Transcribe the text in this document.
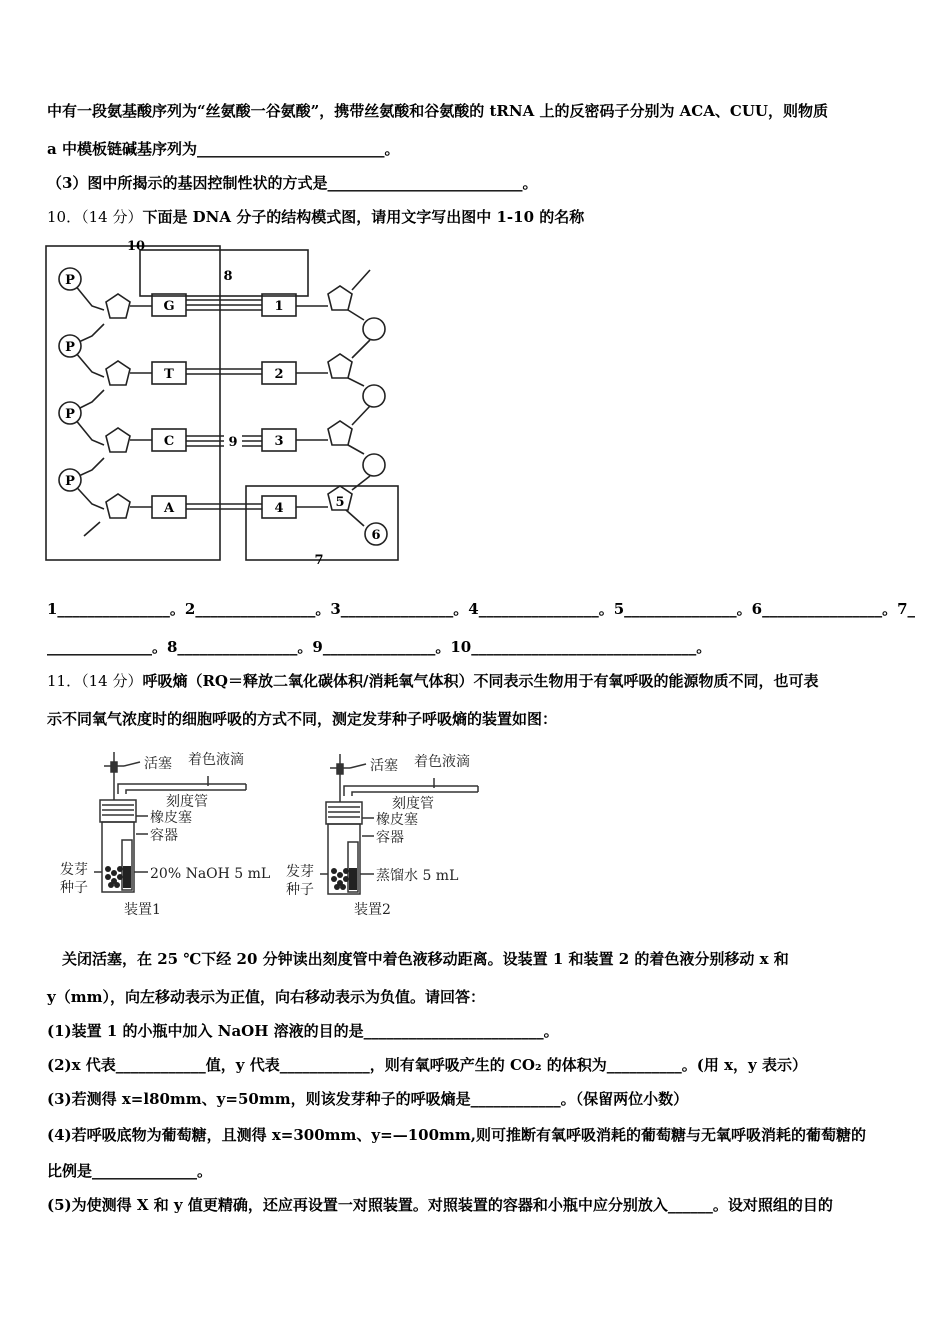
中有一段氨基酸序列为“丝氨酸一谷氨酸”，携带丝氨酸和谷氨酸的 tRNA 上的反密码子分别为 ACA、CUU，则物质
a 中模板链碱基序列为_________________________。
（3）图中所揭示的基因控制性状的方式是__________________________。
10．（14 分）下面是 DNA 分子的结构模式图，请用文字写出图中 1-10 的名称
P
P
P
P
G
T
C
A
1
2
3
4	5
6
7
8
9
10
1_______________。2________________。3_______________。4________________。5_______________。6________________。7_
______________。8________________。9_______________。10______________________________。
11．（14 分）呼吸熵（RQ＝释放二氧化碳体积/消耗氧气体积）不同表示生物用于有氧呼吸的能源物质不同，也可表
示不同氧气浓度时的细胞呼吸的方式不同，测定发芽种子呼吸熵的装置如图：
活塞 着色液滴
刻度管
橡皮塞
容器
20% NaOH 5 mL
发芽
种子
装置1
活塞 着色液滴
刻度管
橡皮塞
容器
蒸馏水 5 mL
发芽
种子
装置2
关闭活塞，在 25 ℃下经 20 分钟读出刻度管中着色液移动距离。设装置 1 和装置 2 的着色液分别移动 x 和
y（mm），向左移动表示为正值，向右移动表示为负值。请回答：
(1)装置 1 的小瓶中加入 NaOH 溶液的目的是________________________。
(2)x 代表____________值，y 代表____________，则有氧呼吸产生的 CO₂ 的体积为__________。(用 x，y 表示）
(3)若测得 x=l80mm、y=50mm，则该发芽种子的呼吸熵是____________。（保留两位小数）
(4)若呼吸底物为葡萄糖，且测得 x=300mm、y=—100mm,则可推断有氧呼吸消耗的葡萄糖与无氧呼吸消耗的葡萄糖的
比例是______________。
(5)为使测得 X 和 y 值更精确，还应再设置一对照装置。对照装置的容器和小瓶中应分别放入______。设对照组的目的
